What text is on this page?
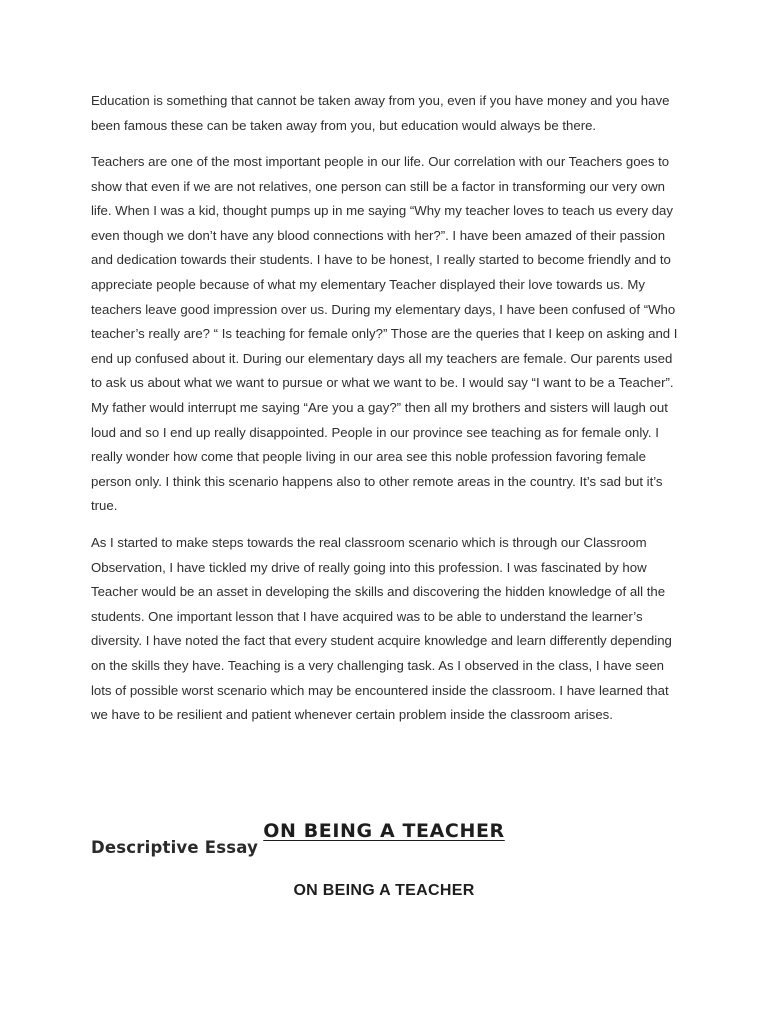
Education is something that cannot be taken away from you, even if you have money and you have been famous these can be taken away from you, but education would always be there.

Teachers are one of the most important people in our life. Our correlation with our Teachers goes to show that even if we are not relatives, one person can still be a factor in transforming our very own life. When I was a kid, thought pumps up in me saying “Why my teacher loves to teach us every day even though we don’t have any blood connections with her?”. I have been amazed of their passion and dedication towards their students. I have to be honest, I really started to become friendly and to appreciate people because of what my elementary Teacher displayed their love towards us. My teachers leave good impression over us. During my elementary days, I have been confused of “Who teacher’s really are? “ Is teaching for female only?” Those are the queries that I keep on asking and I end up confused about it. During our elementary days all my teachers are female. Our parents used to ask us about what we want to pursue or what we want to be. I would say “I want to be a Teacher”. My father would interrupt me saying “Are you a gay?” then all my brothers and sisters will laugh out loud and so I end up really disappointed. People in our province see teaching as for female only. I really wonder how come that people living in our area see this noble profession favoring female person only. I think this scenario happens also to other remote areas in the country. It’s sad but it’s true.

As I started to make steps towards the real classroom scenario which is through our Classroom Observation, I have tickled my drive of really going into this profession. I was fascinated by how Teacher would be an asset in developing the skills and discovering the hidden knowledge of all the students. One important lesson that I have acquired was to be able to understand the learner’s diversity. I have noted the fact that every student acquire knowledge and learn differently depending on the skills they have. Teaching is a very challenging task. As I observed in the class, I have seen lots of possible worst scenario which may be encountered inside the classroom. I have learned that we have to be resilient and patient whenever certain problem inside the classroom arises.

ON BEING A TEACHER
Descriptive Essay
ON BEING A TEACHER
